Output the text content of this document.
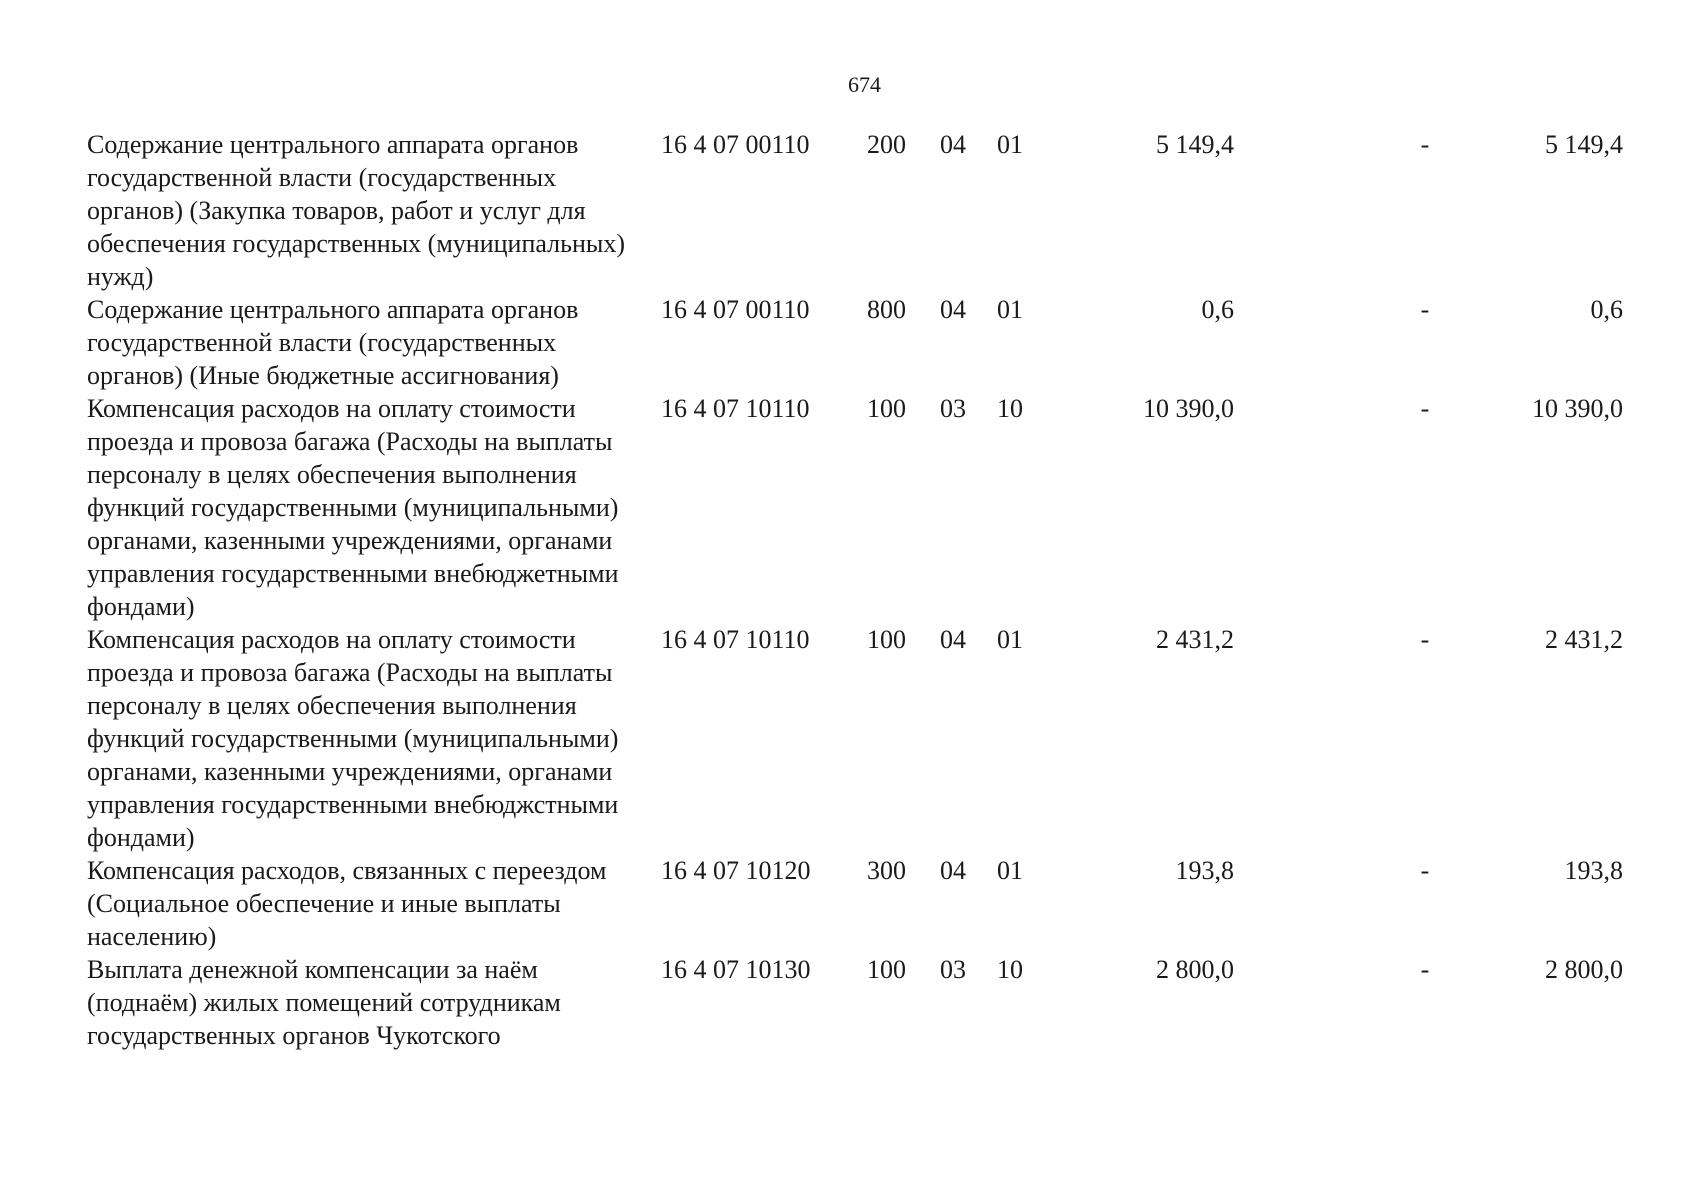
674
Содержание центрального аппарата органов государственной власти (государственных органов) (Закупка товаров, работ и услуг для обеспечения государственных (муниципальных) нужд)
16 4 07 00110 200 04 01	5 149,4	-	5 149,4
Содержание центрального аппарата органов государственной власти (государственных органов) (Иные бюджетные ассигнования)
16 4 07 00110 800 04 01	0,6	-	0,6
Компенсация расходов на оплату стоимости проезда и провоза багажа (Расходы на выплаты персоналу в целях обеспечения выполнения функций государственными (муниципальными) органами, казенными учреждениями, органами управления государственными внебюджетными фондами)
16 4 07 10110 100 03 10	10 390,0	-	10 390,0
Компенсация расходов на оплату стоимости проезда и провоза багажа (Расходы на выплаты персоналу в целях обеспечения выполнения функций государственными (муниципальными) органами, казенными учреждениями, органами управления государственными внебюджстными фондами)
16 4 07 10110 100 04 01	2 431,2	-	2 431,2
Компенсация расходов, связанных с переездом (Социальное обеспечение и иные выплаты населению)
16 4 07 10120 300 04 01	193,8	-	193,8
Выплата денежной компенсации за наём (поднаём) жилых помещений сотрудникам государственных органов Чукотского
16 4 07 10130 100 03 10	2 800,0	-	2 800,0
